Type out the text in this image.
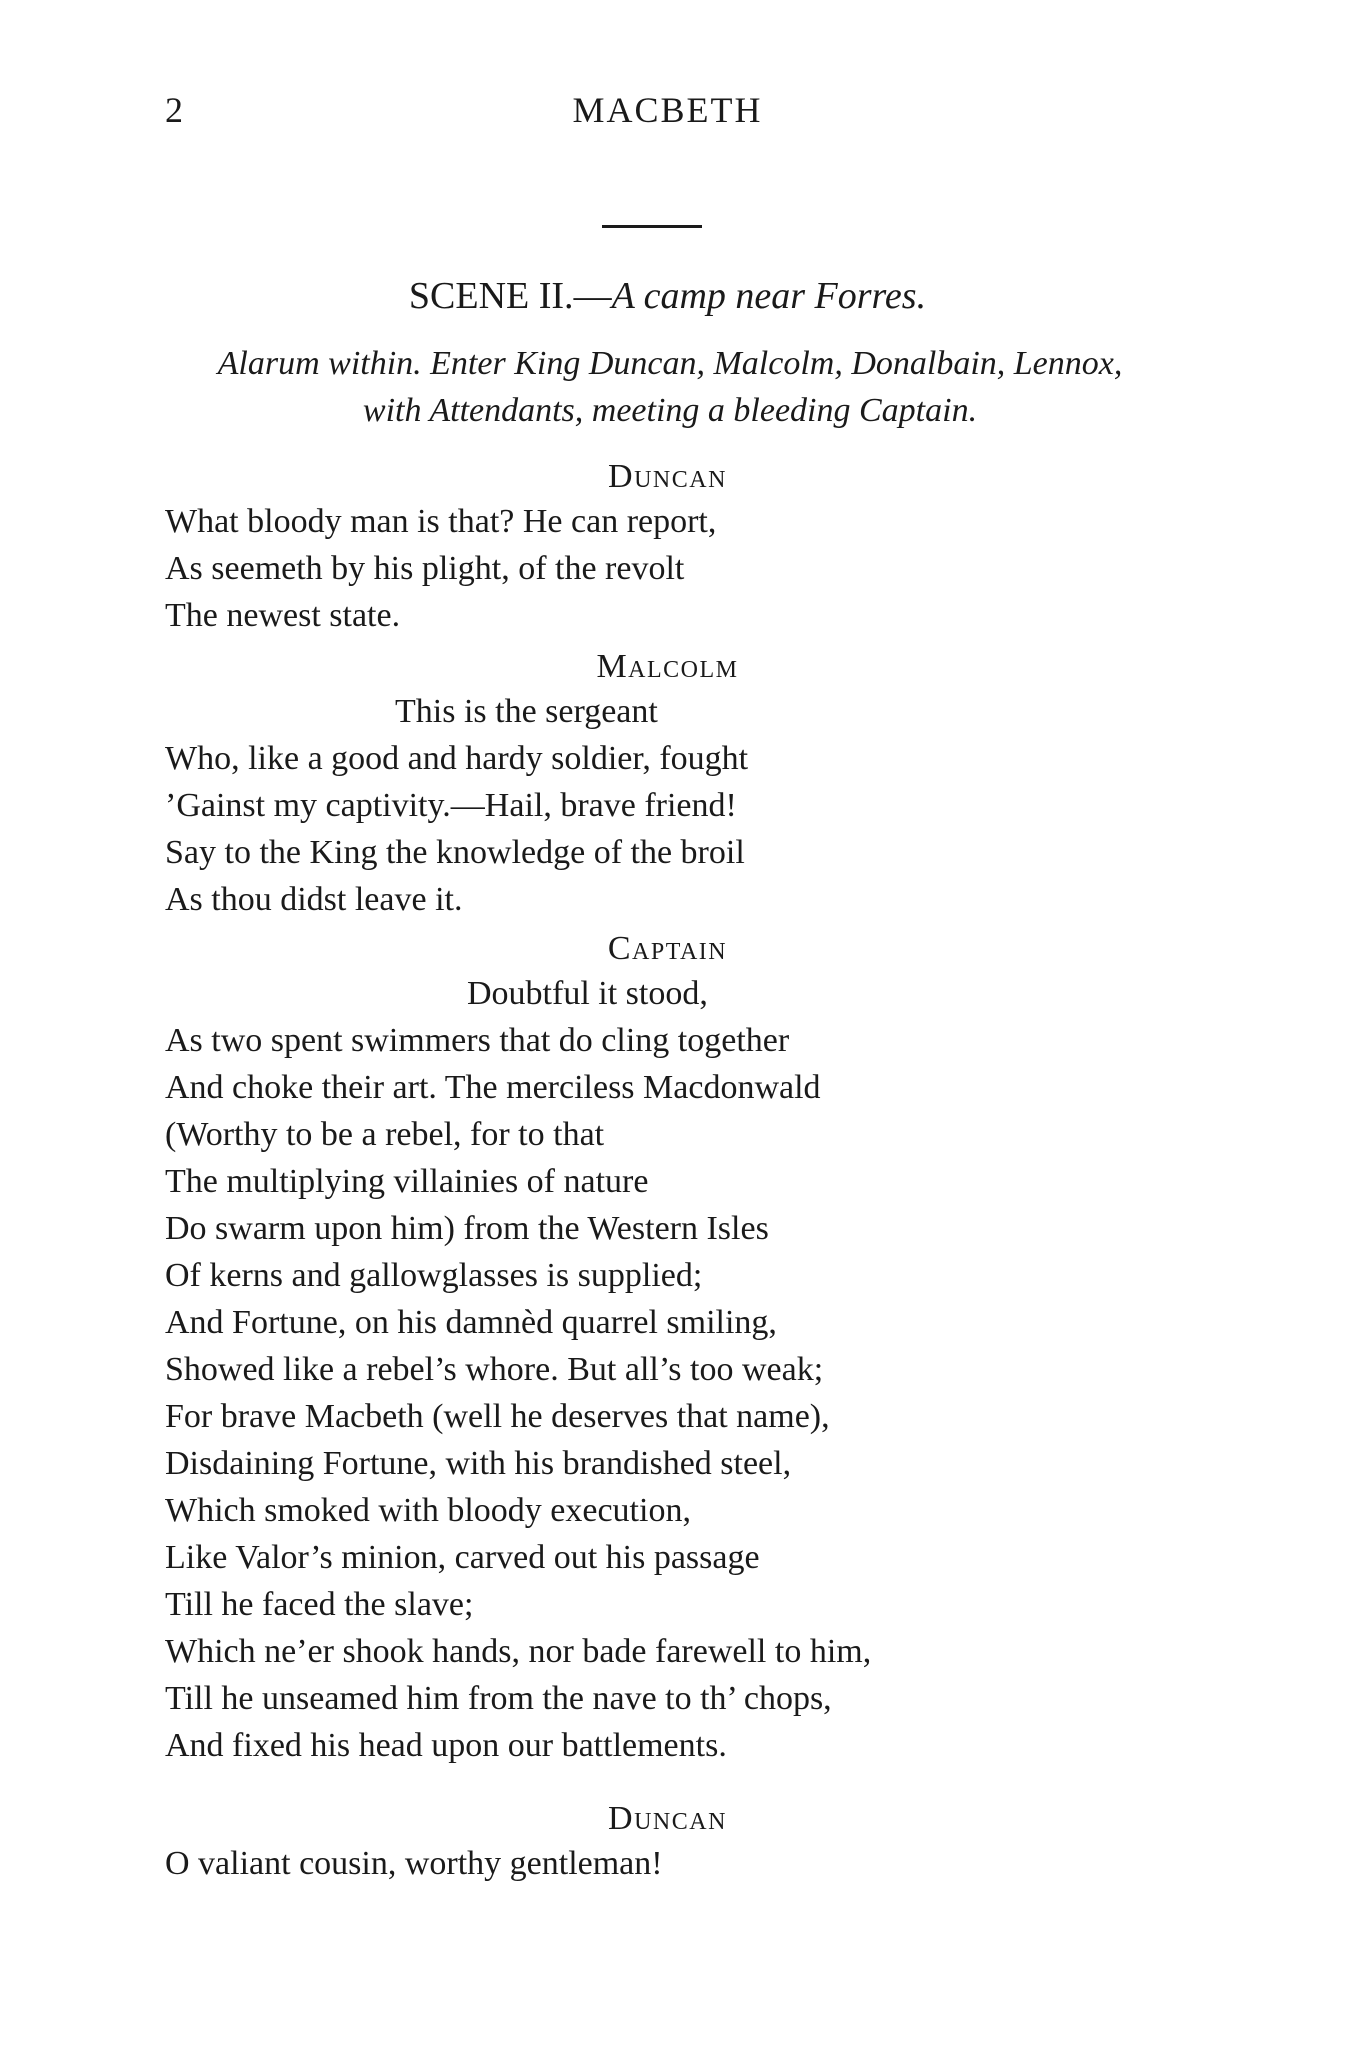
2	MACBETH
SCENE II.—A camp near Forres.
Alarum within. Enter King Duncan, Malcolm, Donalbain, Lennox,
with Attendants, meeting a bleeding Captain.
Duncan
What bloody man is that? He can report,
As seemeth by his plight, of the revolt
The newest state.
Malcolm
This is the sergeant
Who, like a good and hardy soldier, fought
’Gainst my captivity.—Hail, brave friend!
Say to the King the knowledge of the broil
As thou didst leave it.
Captain
Doubtful it stood,
As two spent swimmers that do cling together
And choke their art. The merciless Macdonwald
(Worthy to be a rebel, for to that
The multiplying villainies of nature
Do swarm upon him) from the Western Isles
Of kerns and gallowglasses is supplied;
And Fortune, on his damnèd quarrel smiling,
Showed like a rebel’s whore. But all’s too weak;
For brave Macbeth (well he deserves that name),
Disdaining Fortune, with his brandished steel,
Which smoked with bloody execution,
Like Valor’s minion, carved out his passage
Till he faced the slave;
Which ne’er shook hands, nor bade farewell to him,
Till he unseamed him from the nave to th’ chops,
And fixed his head upon our battlements.
Duncan
O valiant cousin, worthy gentleman!
